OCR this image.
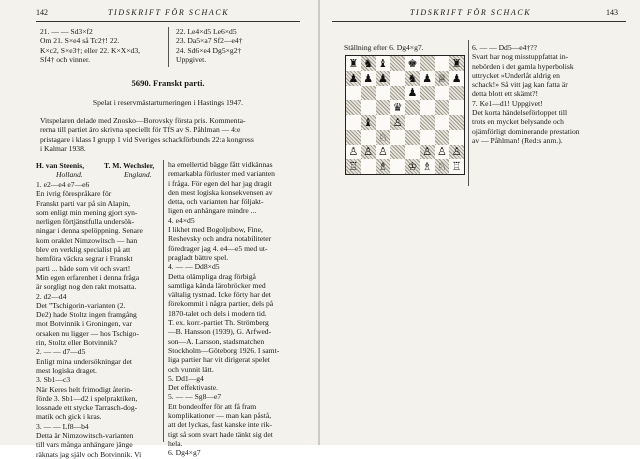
142	TIDSKRIFT FÖR SCHACK
21. — — Sd3×f2
Om 21. S×e4 så Tc2†! 22.
K×c2, S×e3†; eller 22. K×X×d3,
Sf4† och vinner.
22. Le4×d5 Le6×d5
23. Da5×a7 Sf2—e4†
24. Sd6×e4 Dg5×g2†
Uppgivet.
5690. Franskt parti.
Spelat i reservmästarturneringen i Hastings 1947.
Vitspelaren delade med Znosko—Borovsky första pris. Kommenta-
rerna till partiet äro skrivna speciellt för TfS av S. Påhlman — 4:e
pristagare i klass I grupp 1 vid Sveriges schackförbunds 22:a kongress
i Kalmar 1938.
H. van Steenis,	T. M. Wechsler,
Holland.	England.
1. e2—e4 e7—e6
En ivrig förespråkare för
Franskt parti var på sin Alapin,
som enligt min mening gjort syn-
nerligen förtjänstfulla undersök-
ningar i denna spelöppning. Senare
kom oraklet Nimzowitsch — han
blev en verklig specialist på att
hemföra väckra segrar i Franskt
parti ... både som vit och svart!
Min egen erfarenhet i denna fråga
är sorgligt nog den rakt motsatta.
2. d2—d4
Det ”Tschigorin-varianten (2.
De2) hade Stoltz ingen framgång
mot Botvinnik i Groningen, var
orsaken nu ligger — hos Tschigo-
rin, Stoltz eller Botvinnik?
2. — — d7—d5
Enligt mina undersökningar det
mest logiska draget.
3. Sb1—c3
När Keres helt frimodigt återin-
förde 3. Sb1—d2 i spelpraktiken,
lossnade ett stycke Tarrasch-dog-
matik och gick i kras.
3. — — Lf8—b4
Detta är Nimzowitsch-varianten
till vars många anhängare jänge
räknats jag själv och Botvinnik. Vi
ha emellertid bägge fått vidkännas
remarkabla förluster med varianten
i fråga. För egen del har jag dragit
den mest logiska konsekvensen av
detta, och varianten har följakt-
ligen en anhängare mindre ...
4. e4×d5
I likhet med Bogoljubow, Fine,
Reshevsky och andra notabiliteter
föredrager jag 4. e4—e5 med ut-
pragladt bättre spel.
4. — — Dd8×d5
Detta olämpliga drag förbigå
samtliga kända lärobröcker med
vältalig tystnad. Icke förty har det
förekommit i några partier, dels på
1870-talet och dels i modern tid.
T. ex. korr.-partiet Th. Strömberg
—B. Hansson (1939), G. Arfwed-
son—A. Larsson, stadsmatchen
Stockholm—Göteborg 1926. I samt-
liga partier har vit dirigerat spelet
och vunnit lätt.
5. Dd1—g4
Det effektivaste.
5. — — Sg8—e7
Ett bondeoffer för att få fram
komplikationer — man kan påstå,
att det lyckas, fast kanske inte rik-
tigt så som svart hade tänkt sig det
hela.
6. Dg4×g7
TIDSKRIFT FÖR SCHACK	143
Ställning efter 6. Dg4×g7.	6. — — Dd5—e4†??
Svart har nog misstuppfattat in-
nebörden i det gamla hyperbolisk
uttrycket »Underlåt aldrig en
schack!» Så vitt jag kan fatta är
detta blott ett skämt?!
7. Ke1—d1! Uppgivet!
Det korta händelseförloppet till
trots en mycket belysande och
ojämförligt dominerande prestation
av — Påhlman! (Red:s anm.).
♜ ♞ ♝ ♚	♜
♟ ♟ ♟ ♞ ♟ ♕ ♟
♟
♛
♝ ♙
♘
♙ ♙ ♙	♙ ♙ ♙
♖ ♗ ♔ ♗ ♘ ♖
